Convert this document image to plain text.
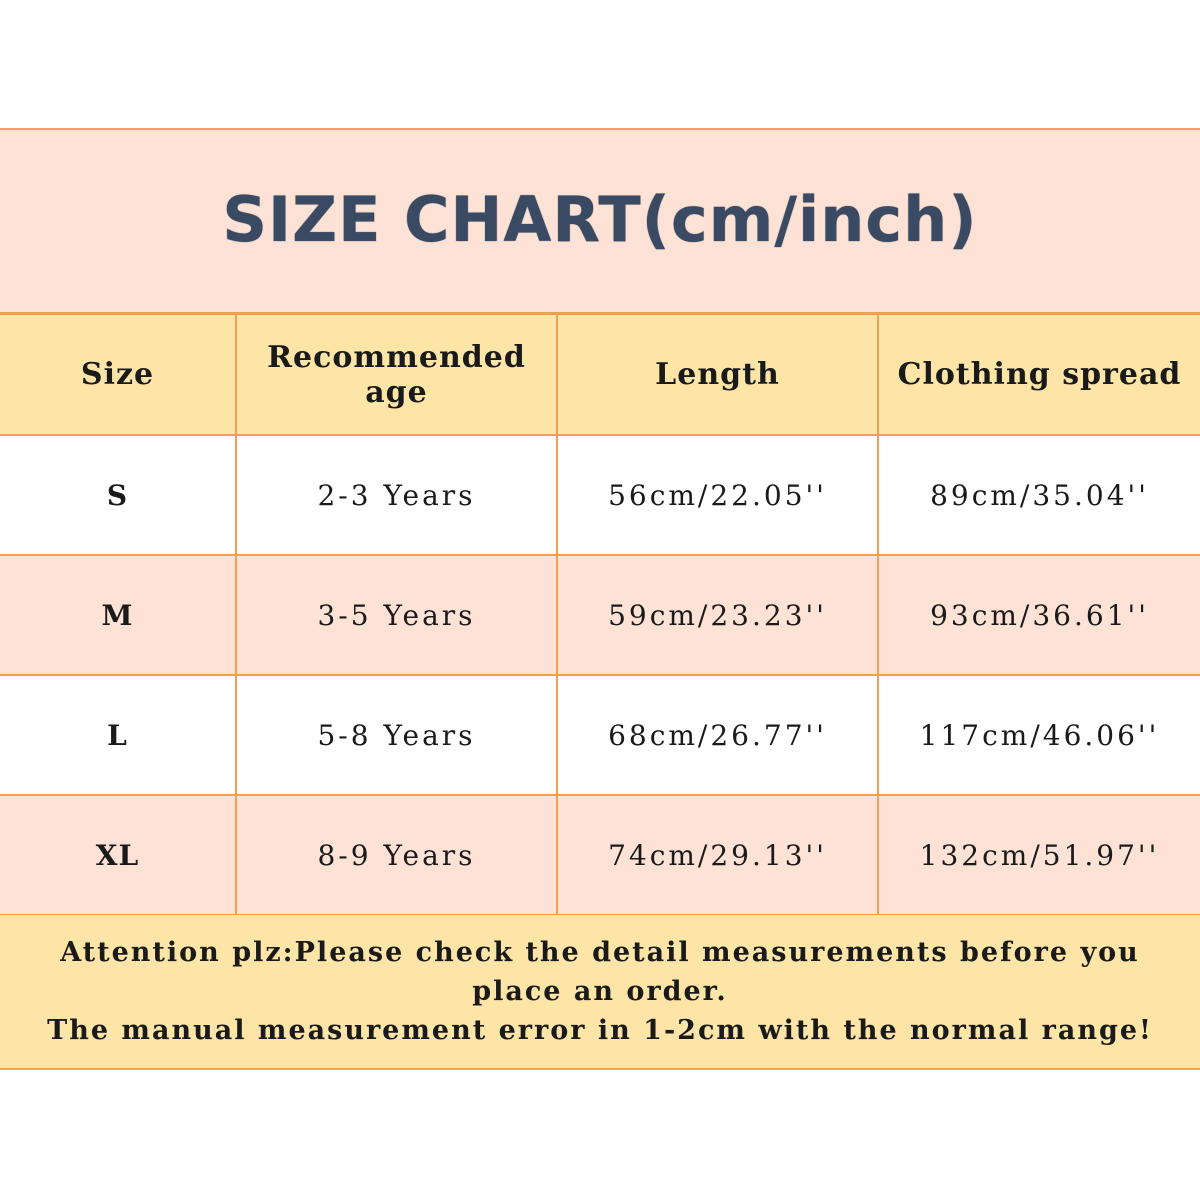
SIZE CHART(cm/inch)
Size	Recommended age	Length	Clothing spread
S	2-3 Years	56cm/22.05''	89cm/35.04''
M	3-5 Years	59cm/23.23''	93cm/36.61''
L	5-8 Years	68cm/26.77''	117cm/46.06''
XL	8-9 Years	74cm/29.13''	132cm/51.97''
Attention plz:Please check the detail measurements before you place an order.
The manual measurement error in 1-2cm with the normal range!
